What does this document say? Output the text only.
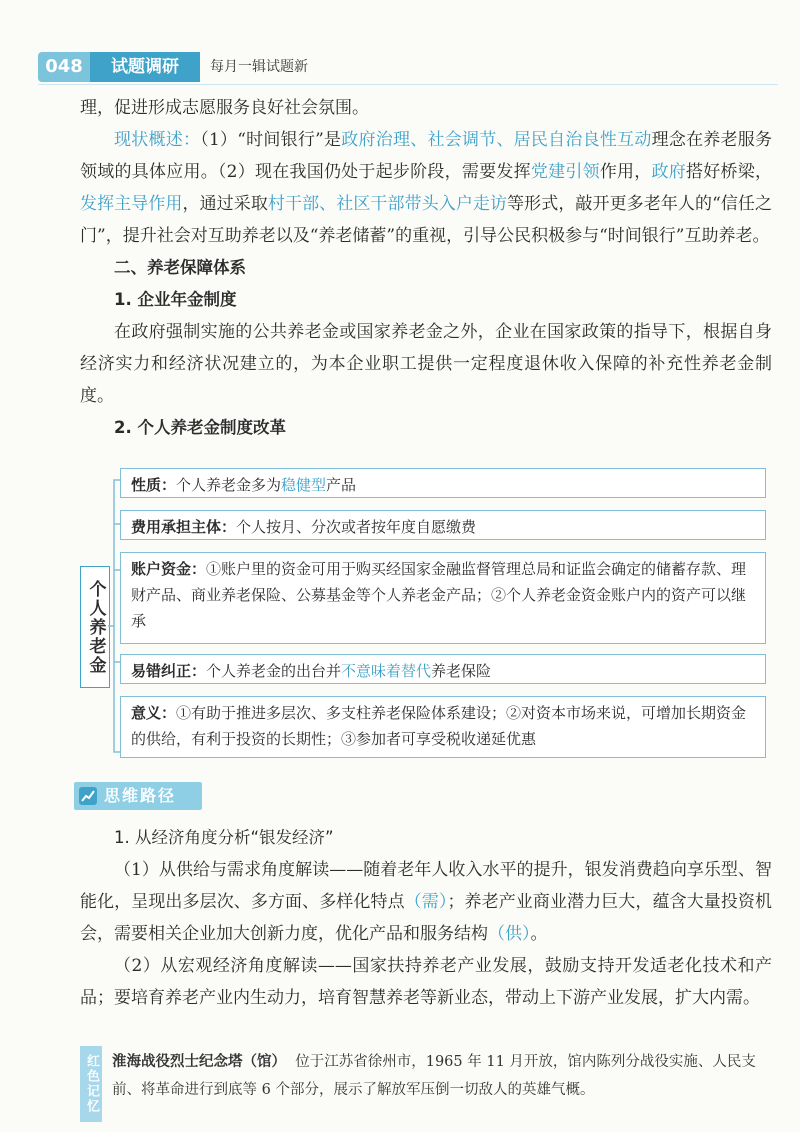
048	试题调研	每月一辑试题新

理，促进形成志愿服务良好社会氛围。

现状概述：（1）“时间银行”是政府治理、社会调节、居民自治良性互动理念在养老服务领域的具体应用。（2）现在我国仍处于起步阶段，需要发挥党建引领作用，政府搭好桥梁，发挥主导作用，通过采取村干部、社区干部带头入户走访等形式，敲开更多老年人的“信任之门”，提升社会对互助养老以及“养老储蓄”的重视，引导公民积极参与“时间银行”互助养老。

二、养老保障体系

1. 企业年金制度

在政府强制实施的公共养老金或国家养老金之外，企业在国家政策的指导下，根据自身经济实力和经济状况建立的，为本企业职工提供一定程度退休收入保障的补充性养老金制度。

2. 个人养老金制度改革

个人养老金
性质：个人养老金多为稳健型产品
费用承担主体：个人按月、分次或者按年度自愿缴费
账户资金：①账户里的资金可用于购买经国家金融监督管理总局和证监会确定的储蓄存款、理财产品、商业养老保险、公募基金等个人养老金产品；②个人养老金资金账户内的资产可以继承
易错纠正：个人养老金的出台并不意味着替代养老保险
意义：①有助于推进多层次、多支柱养老保险体系建设；②对资本市场来说，可增加长期资金的供给，有利于投资的长期性；③参加者可享受税收递延优惠
思维路径

1. 从经济角度分析“银发经济”

（1）从供给与需求角度解读——随着老年人收入水平的提升，银发消费趋向享乐型、智能化，呈现出多层次、多方面、多样化特点（需）；养老产业商业潜力巨大，蕴含大量投资机会，需要相关企业加大创新力度，优化产品和服务结构（供）。

（2）从宏观经济角度解读——国家扶持养老产业发展，鼓励支持开发适老化技术和产品；要培育养老产业内生动力，培育智慧养老等新业态，带动上下游产业发展，扩大内需。

红色记忆 淮海战役烈士纪念塔（馆） 位于江苏省徐州市，1965 年 11 月开放，馆内陈列分战役实施、人民支前、将革命进行到底等 6 个部分，展示了解放军压倒一切敌人的英雄气概。
